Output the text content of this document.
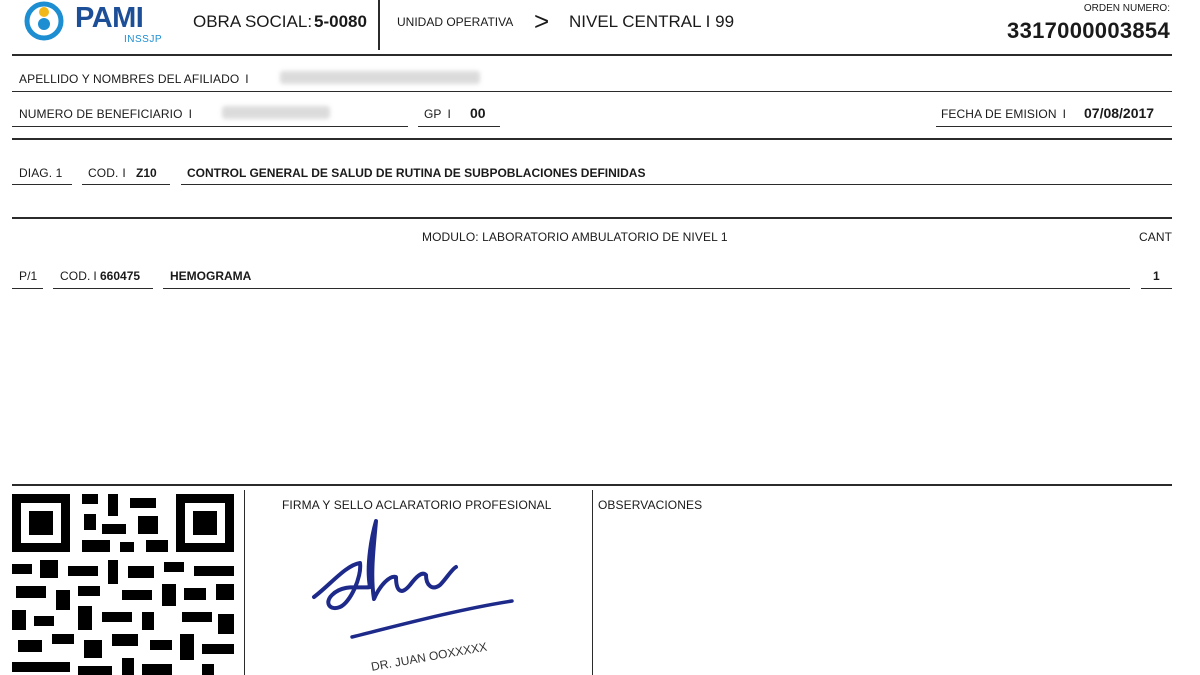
PAMI
INSSJP
OBRA SOCIAL: 5-0080	UNIDAD OPERATIVA > NIVEL CENTRAL I 99
ORDEN NUMERO:
3317000003854
APELLIDO Y NOMBRES DEL AFILIADO I
NUMERO DE BENEFICIARIO I	GP I	00	FECHA DE EMISION I	07/08/2017
DIAG. 1 COD. I Z10	CONTROL GENERAL DE SALUD DE RUTINA DE SUBPOBLACIONES DEFINIDAS
MODULO: LABORATORIO AMBULATORIO DE NIVEL 1	CANT
P/1 COD. I 660475 HEMOGRAMA	1
FIRMA Y SELLO ACLARATORIO PROFESIONAL
DR. JUAN OOXXXXX
OBSERVACIONES
